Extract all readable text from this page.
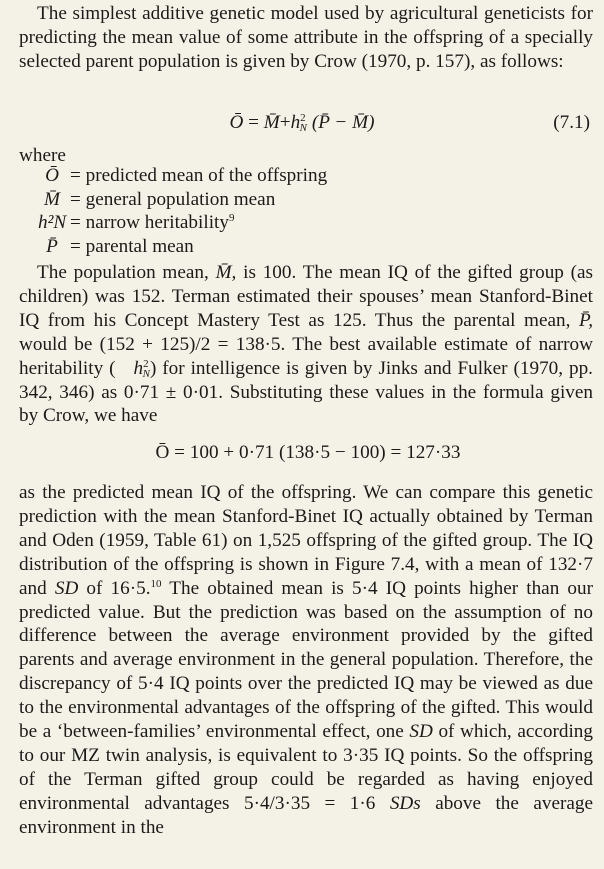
The simplest additive genetic model used by agricultural geneticists for predicting the mean value of some attribute in the offspring of a specially selected parent population is given by Crow (1970, p. 157), as follows:
Ō = $M̄+h^2_N$ (P̄ − M̄)	(7.1)
where
Ō = predicted mean of the offspring
M̄ = general population mean
h²N = narrow heritability$^9$
P̄ = parental mean
The population mean, M̄, is 100. The mean IQ of the gifted group (as children) was 152. Terman estimated their spouses’ mean Stanford-Binet IQ from his Concept Mastery Test as 125. Thus the parental mean, P̄, would be (152 + 125)/2 = 138·5. The best available estimate of narrow heritability ( $h^2_N$) for intelligence is given by Jinks and Fulker (1970, pp. 342, 346) as 0·71 ± 0·01. Substituting these values in the formula given by Crow, we have
Ō = 100 + 0·71 (138·5 − 100) = 127·33
as the predicted mean IQ of the offspring. We can compare this genetic prediction with the mean Stanford-Binet IQ actually obtained by Terman and Oden (1959, Table 61) on 1,525 offspring of the gifted group. The IQ distribution of the offspring is shown in Figure 7.4, with a mean of 132·7 and SD of 16·5.10 The obtained mean is 5·4 IQ points higher than our predicted value. But the prediction was based on the assumption of no difference between the average environment provided by the gifted parents and average environment in the general population. Therefore, the discrepancy of 5·4 IQ points over the predicted IQ may be viewed as due to the environmental advantages of the offspring of the gifted. This would be a ‘between-families’ environmental effect, one SD of which, according to our MZ twin analysis, is equivalent to 3·35 IQ points. So the offspring of the Terman gifted group could be regarded as having enjoyed environmental advantages 5·4/3·35 = 1·6 SDs above the average environment in the
